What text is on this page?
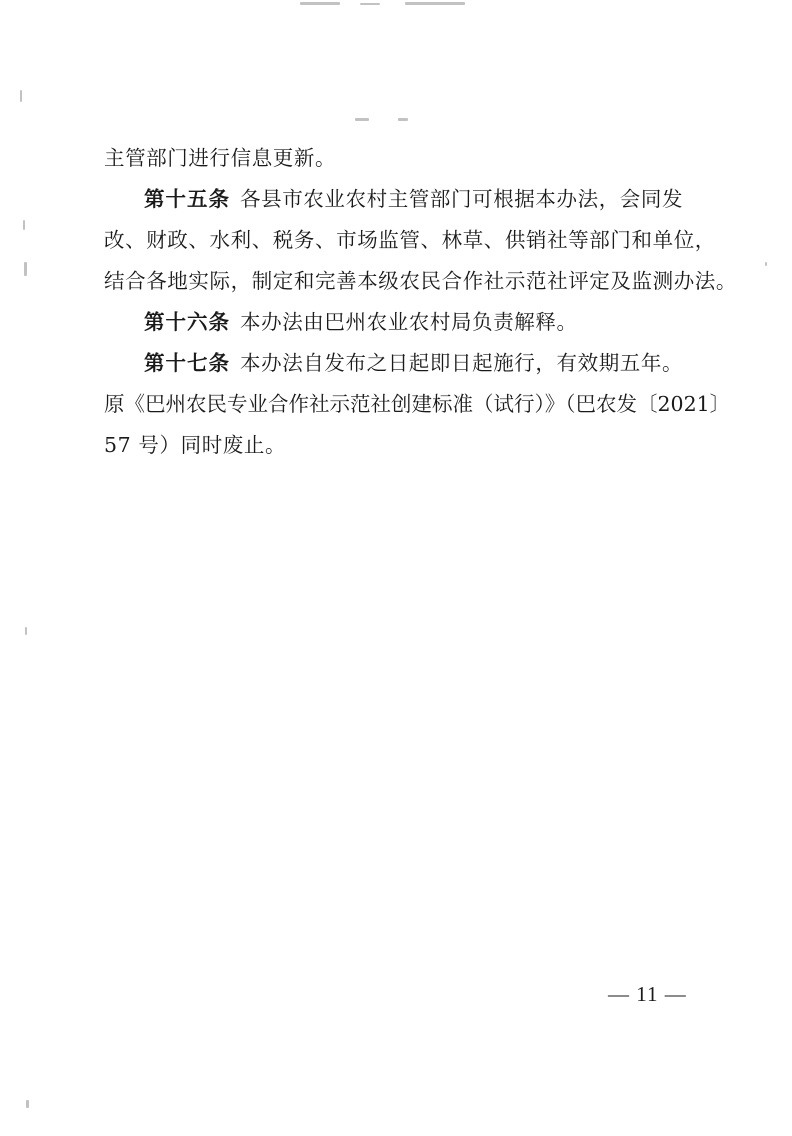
主管部门进行信息更新。

第十五条 各县市农业农村主管部门可根据本办法，会同发

改、财政、水利、税务、市场监管、林草、供销社等部门和单位，

结合各地实际，制定和完善本级农民合作社示范社评定及监测办法。

第十六条 本办法由巴州农业农村局负责解释。

第十七条 本办法自发布之日起即日起施行，有效期五年。

原《巴州农民专业合作社示范社创建标准（试行）》（巴农发〔2021〕

57 号）同时废止。

— 11 —
